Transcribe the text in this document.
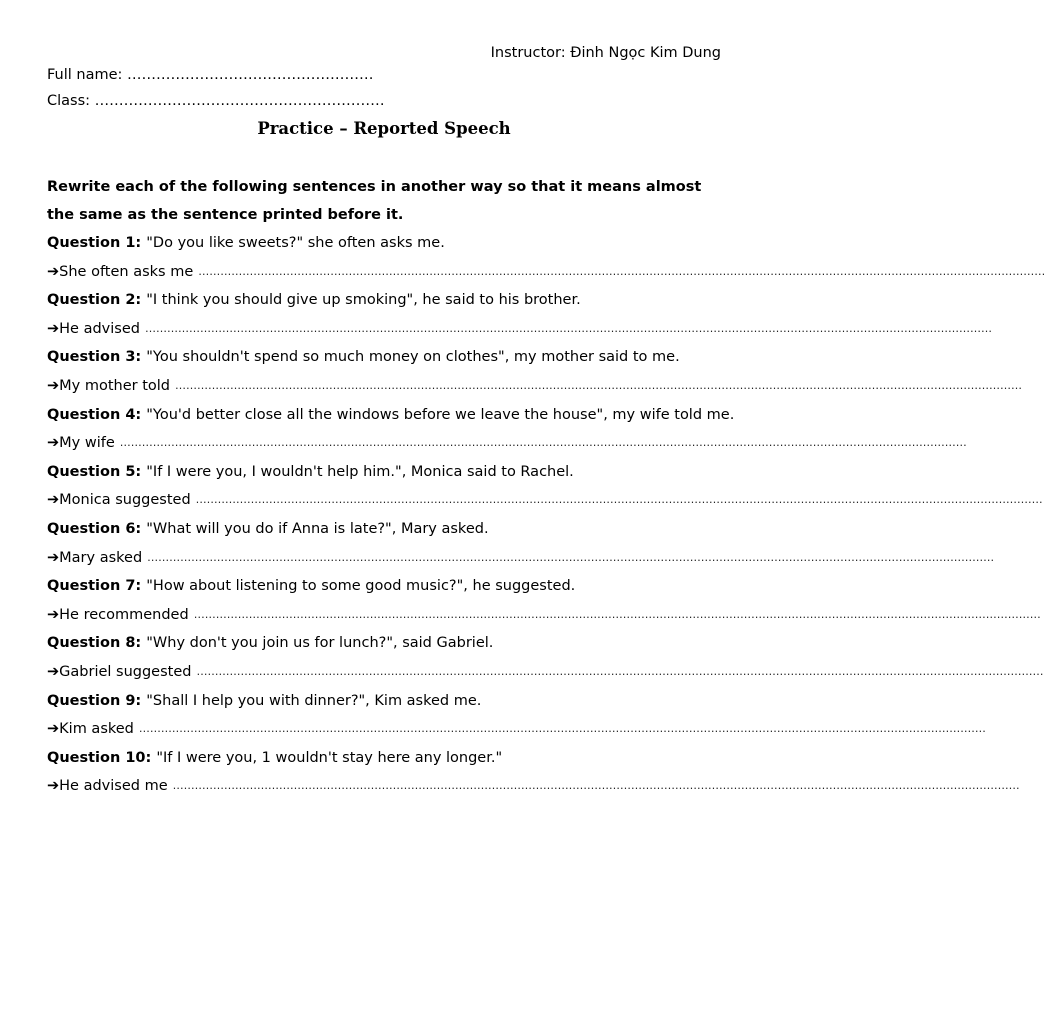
Instructor: Đinh Ngọc Kim Dung
Full name: ……………………………………………
Class: ……………………………………………………
Practice – Reported Speech
Rewrite each of the following sentences in another way so that it means almost the same as the sentence printed before it.
Question 1: "Do you like sweets?" she often asks me.
➔ She often asks me ……………………………………………………………………………………………………………………………………………………………………………………………………………
Question 2: "I think you should give up smoking", he said to his brother.
➔ He advised ……………………………………………………………………………………………………………………………………………………………………………………………………………
Question 3: "You shouldn't spend so much money on clothes", my mother said to me.
➔ My mother told ……………………………………………………………………………………………………………………………………………………………………………………………………………
Question 4: "You'd better close all the windows before we leave the house", my wife told me.
➔ My wife ……………………………………………………………………………………………………………………………………………………………………………………………………………
Question 5: "If I were you, I wouldn't help him.", Monica said to Rachel.
➔ Monica suggested ……………………………………………………………………………………………………………………………………………………………………………………………………………
Question 6: "What will you do if Anna is late?", Mary asked.
➔ Mary asked ……………………………………………………………………………………………………………………………………………………………………………………………………………
Question 7: "How about listening to some good music?", he suggested.
➔ He recommended ……………………………………………………………………………………………………………………………………………………………………………………………………………
Question 8: "Why don't you join us for lunch?", said Gabriel.
➔ Gabriel suggested ……………………………………………………………………………………………………………………………………………………………………………………………………………
Question 9: "Shall I help you with dinner?", Kim asked me.
➔ Kim asked ……………………………………………………………………………………………………………………………………………………………………………………………………………
Question 10: "If I were you, 1 wouldn't stay here any longer."
➔ He advised me ……………………………………………………………………………………………………………………………………………………………………………………………………………
